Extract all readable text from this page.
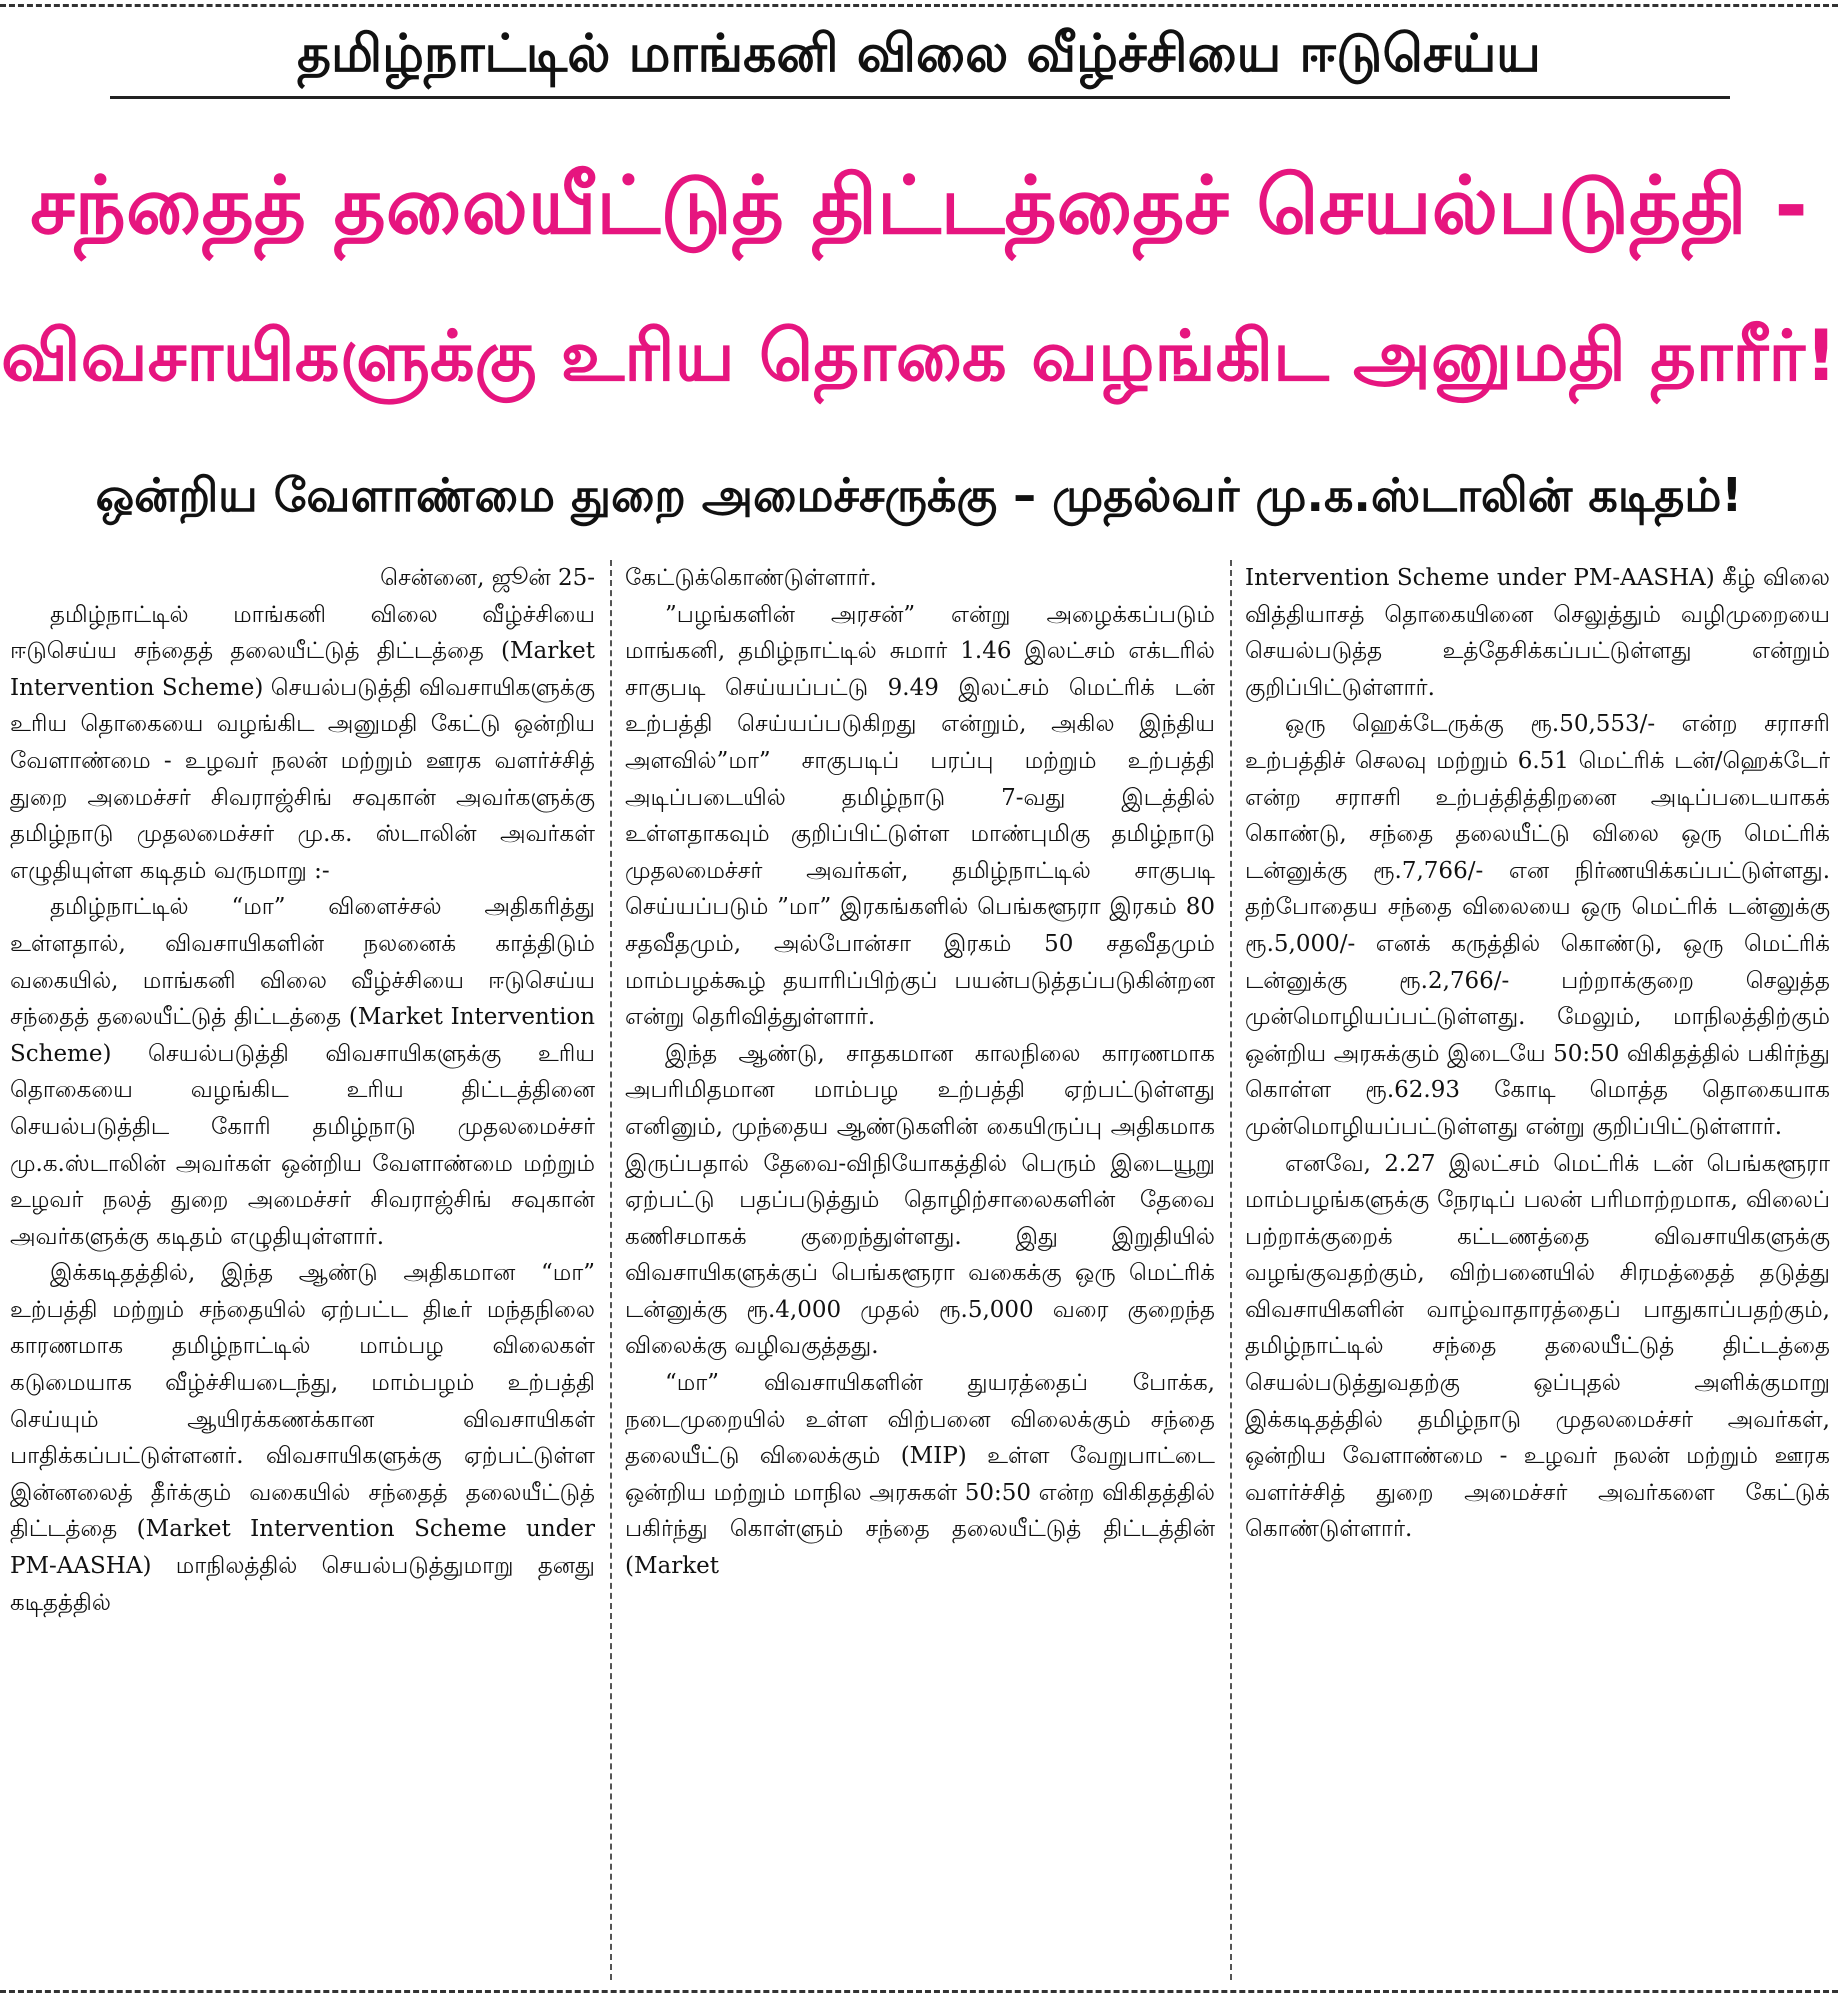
தமிழ்நாட்டில் மாங்கனி விலை வீழ்ச்சியை ஈடுசெய்ய
சந்தைத் தலையீட்டுத் திட்டத்தைச் செயல்படுத்தி -
விவசாயிகளுக்கு உரிய தொகை வழங்கிட அனுமதி தாரீர்!
ஒன்றிய வேளாண்மை துறை அமைச்சருக்கு – முதல்வர் மு.க.ஸ்டாலின் கடிதம்!

சென்னை, ஜூன் 25-

தமிழ்நாட்டில் மாங்கனி விலை வீழ்ச்சியை ஈடுசெய்ய சந்தைத் தலையீட்டுத் திட்டத்தை (Market Intervention Scheme) செயல்படுத்தி விவசாயிகளுக்கு உரிய தொகையை வழங்கிட அனுமதி கேட்டு ஒன்றிய வேளாண்மை - உழவர் நலன் மற்றும் ஊரக வளர்ச்சித் துறை அமைச்சர் சிவராஜ்சிங் சவுகான் அவர்களுக்கு தமிழ்நாடு முதலமைச்சர் மு.க. ஸ்டாலின் அவர்கள் எழுதியுள்ள கடிதம் வருமாறு :-

தமிழ்நாட்டில் “மா” விளைச்சல் அதிகரித்து உள்ளதால், விவசாயிகளின் நலனைக் காத்திடும் வகையில், மாங்கனி விலை வீழ்ச்சியை ஈடுசெய்ய சந்தைத் தலையீட்டுத் திட்டத்தை (Market Intervention Scheme) செயல்படுத்தி விவசாயிகளுக்கு உரிய தொகையை வழங்கிட உரிய திட்டத்தினை செயல்படுத்திட கோரி தமிழ்நாடு முதலமைச்சர் மு.க.ஸ்டாலின் அவர்கள் ஒன்றிய வேளாண்மை மற்றும் உழவர் நலத் துறை அமைச்சர் சிவராஜ்சிங் சவுகான் அவர்களுக்கு கடிதம் எழுதியுள்ளார்.

இக்கடிதத்தில், இந்த ஆண்டு அதிகமான “மா” உற்பத்தி மற்றும் சந்தையில் ஏற்பட்ட திடீர் மந்தநிலை காரணமாக தமிழ்நாட்டில் மாம்பழ விலைகள் கடுமையாக வீழ்ச்சியடைந்து, மாம்பழம் உற்பத்தி செய்யும் ஆயிரக்கணக்கான விவசாயிகள் பாதிக்கப்பட்டுள்ளனர். விவசாயிகளுக்கு ஏற்பட்டுள்ள இன்னலைத் தீர்க்கும் வகையில் சந்தைத் தலையீட்டுத் திட்டத்தை (Market Intervention Scheme under PM-AASHA) மாநிலத்தில் செயல்படுத்துமாறு தனது கடிதத்தில்

கேட்டுக்கொண்டுள்ளார்.

”பழங்களின் அரசன்” என்று அழைக்கப்படும் மாங்கனி, தமிழ்நாட்டில் சுமார் 1.46 இலட்சம் எக்டரில் சாகுபடி செய்யப்பட்டு 9.49 இலட்சம் மெட்ரிக் டன் உற்பத்தி செய்யப்படுகிறது என்றும், அகில இந்திய அளவில்”மா” சாகுபடிப் பரப்பு மற்றும் உற்பத்தி அடிப்படையில் தமிழ்நாடு 7-வது இடத்தில் உள்ளதாகவும் குறிப்பிட்டுள்ள மாண்புமிகு தமிழ்நாடு முதலமைச்சர் அவர்கள், தமிழ்நாட்டில் சாகுபடி செய்யப்படும் ”மா” இரகங்களில் பெங்களூரா இரகம் 80 சதவீதமும், அல்போன்சா இரகம் 50 சதவீதமும் மாம்பழக்கூழ் தயாரிப்பிற்குப் பயன்படுத்தப்படுகின்றன என்று தெரிவித்துள்ளார்.

இந்த ஆண்டு, சாதகமான காலநிலை காரணமாக அபரிமிதமான மாம்பழ உற்பத்தி ஏற்பட்டுள்ளது எனினும், முந்தைய ஆண்டுகளின் கையிருப்பு அதிகமாக இருப்பதால் தேவை-விநியோகத்தில் பெரும் இடையூறு ஏற்பட்டு பதப்படுத்தும் தொழிற்சாலைகளின் தேவை கணிசமாகக் குறைந்துள்ளது. இது இறுதியில் விவசாயிகளுக்குப் பெங்களூரா வகைக்கு ஒரு மெட்ரிக் டன்னுக்கு ரூ.4,000 முதல் ரூ.5,000 வரை குறைந்த விலைக்கு வழிவகுத்தது.

“மா” விவசாயிகளின் துயரத்தைப் போக்க, நடைமுறையில் உள்ள விற்பனை விலைக்கும் சந்தை தலையீட்டு விலைக்கும் (MIP) உள்ள வேறுபாட்டை ஒன்றிய மற்றும் மாநில அரசுகள் 50:50 என்ற விகிதத்தில் பகிர்ந்து கொள்ளும் சந்தை தலையீட்டுத் திட்டத்தின் (Market

Intervention Scheme under PM-AASHA) கீழ் விலை வித்தியாசத் தொகையினை செலுத்தும் வழிமுறையை செயல்படுத்த உத்தேசிக்கப்பட்டுள்ளது என்றும் குறிப்பிட்டுள்ளார்.

ஒரு ஹெக்டேருக்கு ரூ.50,553/- என்ற சராசரி உற்பத்திச் செலவு மற்றும் 6.51 மெட்ரிக் டன்/ஹெக்டேர் என்ற சராசரி உற்பத்தித்திறனை அடிப்படையாகக் கொண்டு, சந்தை தலையீட்டு விலை ஒரு மெட்ரிக் டன்னுக்கு ரூ.7,766/- என நிர்ணயிக்கப்பட்டுள்ளது. தற்போதைய சந்தை விலையை ஒரு மெட்ரிக் டன்னுக்கு ரூ.5,000/- எனக் கருத்தில் கொண்டு, ஒரு மெட்ரிக் டன்னுக்கு ரூ.2,766/- பற்றாக்குறை செலுத்த முன்மொழியப்பட்டுள்ளது. மேலும், மாநிலத்திற்கும் ஒன்றிய அரசுக்கும் இடையே 50:50 விகிதத்தில் பகிர்ந்து கொள்ள ரூ.62.93 கோடி மொத்த தொகையாக முன்மொழியப்பட்டுள்ளது என்று குறிப்பிட்டுள்ளார்.

எனவே, 2.27 இலட்சம் மெட்ரிக் டன் பெங்களூரா மாம்பழங்களுக்கு நேரடிப் பலன் பரிமாற்றமாக, விலைப் பற்றாக்குறைக் கட்டணத்தை விவசாயிகளுக்கு வழங்குவதற்கும், விற்பனையில் சிரமத்தைத் தடுத்து விவசாயிகளின் வாழ்வாதாரத்தைப் பாதுகாப்பதற்கும், தமிழ்நாட்டில் சந்தை தலையீட்டுத் திட்டத்தை செயல்படுத்துவதற்கு ஒப்புதல் அளிக்குமாறு இக்கடிதத்தில் தமிழ்நாடு முதலமைச்சர் அவர்கள், ஒன்றிய வேளாண்மை - உழவர் நலன் மற்றும் ஊரக வளர்ச்சித் துறை அமைச்சர் அவர்களை கேட்டுக் கொண்டுள்ளார்.
